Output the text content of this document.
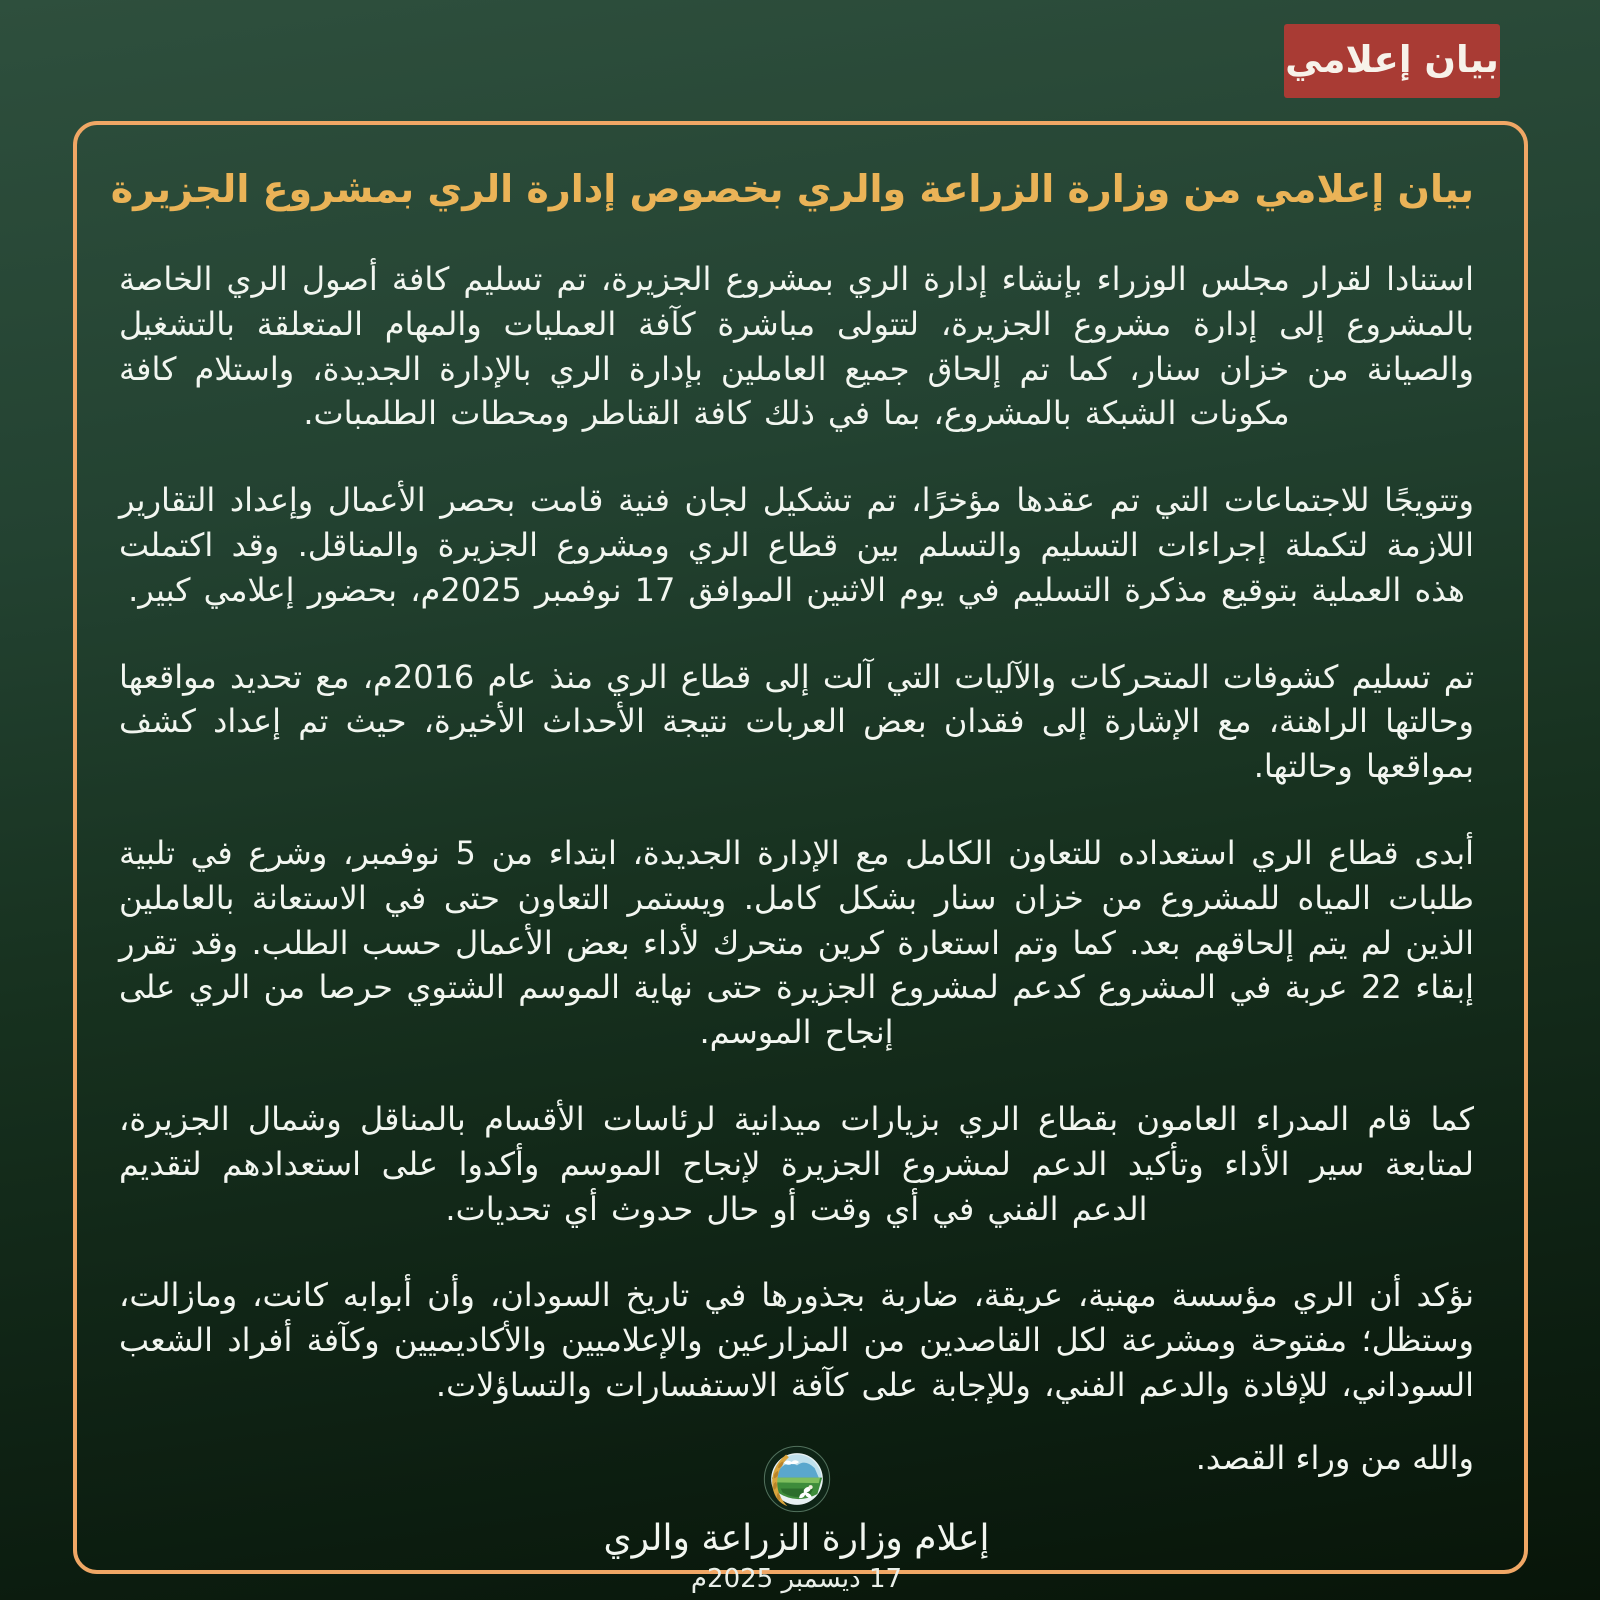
بيان إعلامي
بيان إعلامي من وزارة الزراعة والري بخصوص إدارة الري بمشروع الجزيرة

استنادا لقرار مجلس الوزراء بإنشاء إدارة الري بمشروع الجزيرة، تم تسليم كافة أصول الري الخاصة بالمشروع إلى إدارة مشروع الجزيرة، لتتولى مباشرة كآفة العمليات والمهام المتعلقة بالتشغيل والصيانة من خزان سنار، كما تم إلحاق جميع العاملين بإدارة الري بالإدارة الجديدة، واستلام كافة مكونات الشبكة بالمشروع، بما في ذلك كافة القناطر ومحطات الطلمبات.

وتتويجًا للاجتماعات التي تم عقدها مؤخرًا، تم تشكيل لجان فنية قامت بحصر الأعمال وإعداد التقارير اللازمة لتكملة إجراءات التسليم والتسلم بين قطاع الري ومشروع الجزيرة والمناقل. وقد اكتملت هذه العملية بتوقيع مذكرة التسليم في يوم الاثنين الموافق 17 نوفمبر 2025م، بحضور إعلامي كبير.

تم تسليم كشوفات المتحركات والآليات التي آلت إلى قطاع الري منذ عام 2016م، مع تحديد مواقعها وحالتها الراهنة، مع الإشارة إلى فقدان بعض العربات نتيجة الأحداث الأخيرة، حيث تم إعداد كشف بمواقعها وحالتها.

أبدى قطاع الري استعداده للتعاون الكامل مع الإدارة الجديدة، ابتداء من 5 نوفمبر، وشرع في تلبية طلبات المياه للمشروع من خزان سنار بشكل كامل. ويستمر التعاون حتى في الاستعانة بالعاملين الذين لم يتم إلحاقهم بعد. كما وتم استعارة كرين متحرك لأداء بعض الأعمال حسب الطلب. وقد تقرر إبقاء 22 عربة في المشروع كدعم لمشروع الجزيرة حتى نهاية الموسم الشتوي حرصا من الري على إنجاح الموسم.

كما قام المدراء العامون بقطاع الري بزيارات ميدانية لرئاسات الأقسام بالمناقل وشمال الجزيرة، لمتابعة سير الأداء وتأكيد الدعم لمشروع الجزيرة لإنجاح الموسم وأكدوا على استعدادهم لتقديم الدعم الفني في أي وقت أو حال حدوث أي تحديات.

نؤكد أن الري مؤسسة مهنية، عريقة، ضاربة بجذورها في تاريخ السودان، وأن أبوابه كانت، ومازالت، وستظل؛ مفتوحة ومشرعة لكل القاصدين من المزارعين والإعلاميين والأكاديميين وكآفة أفراد الشعب السوداني، للإفادة والدعم الفني، وللإجابة على كآفة الاستفسارات والتساؤلات.

والله من وراء القصد.

إعلام وزارة الزراعة والري
17 ديسمبر 2025م
